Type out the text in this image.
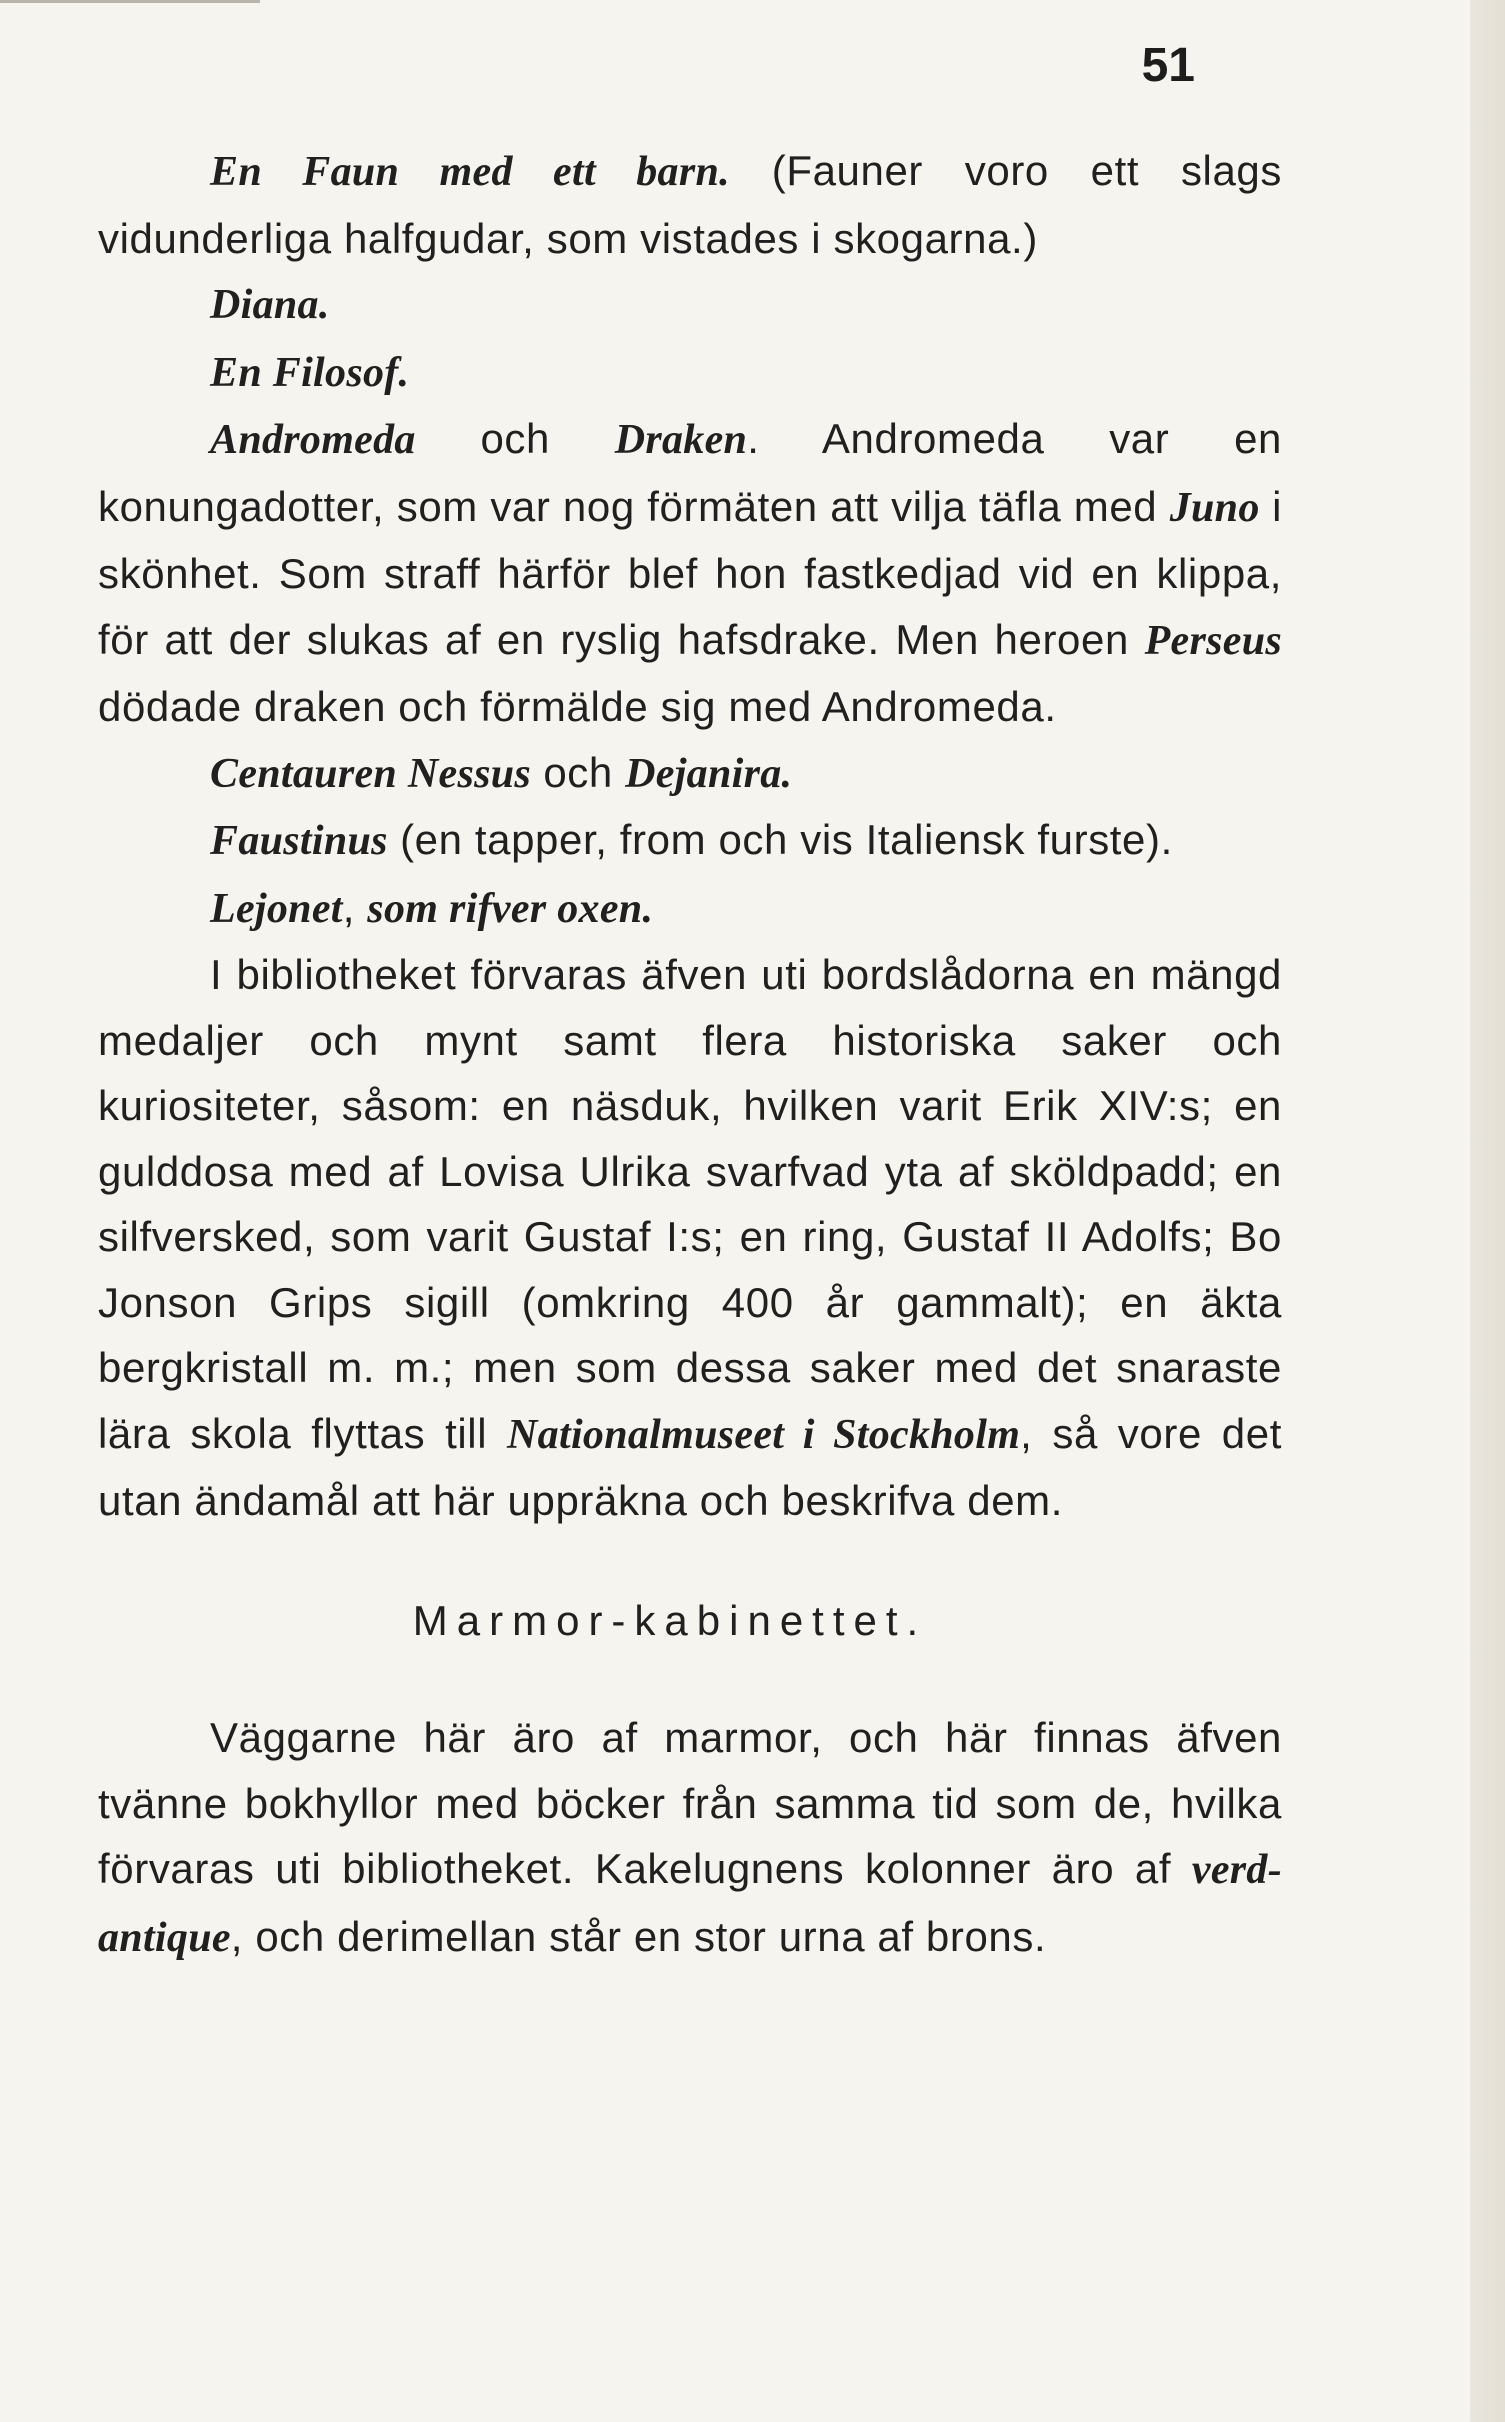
51

En Faun med ett barn. (Fauner voro ett slags vidunderliga halfgudar, som vistades i skogarna.)

Diana.

En Filosof.

Andromeda och Draken. Andromeda var en konungadotter, som var nog förmäten att vilja täfla med Juno i skönhet. Som straff härför blef hon fastkedjad vid en klippa, för att der slukas af en ryslig hafsdrake. Men heroen Perseus dödade draken och förmälde sig med Andromeda.

Centauren Nessus och Dejanira.

Faustinus (en tapper, from och vis Italiensk furste).

Lejonet, som rifver oxen.

I bibliotheket förvaras äfven uti bordslådorna en mängd medaljer och mynt samt flera historiska saker och kuriositeter, såsom: en näsduk, hvilken varit Erik XIV:s; en gulddosa med af Lovisa Ulrika svarfvad yta af sköldpadd; en silfversked, som varit Gustaf I:s; en ring, Gustaf II Adolfs; Bo Jonson Grips sigill (omkring 400 år gammalt); en äkta bergkristall m. m.; men som dessa saker med det snaraste lära skola flyttas till Nationalmuseet i Stockholm, så vore det utan ändamål att här uppräkna och beskrifva dem.

Marmor-kabinettet.

Väggarne här äro af marmor, och här finnas äfven tvänne bokhyllor med böcker från samma tid som de, hvilka förvaras uti bibliotheket. Kakelugnens kolonner äro af verd-antique, och derimellan står en stor urna af brons.
